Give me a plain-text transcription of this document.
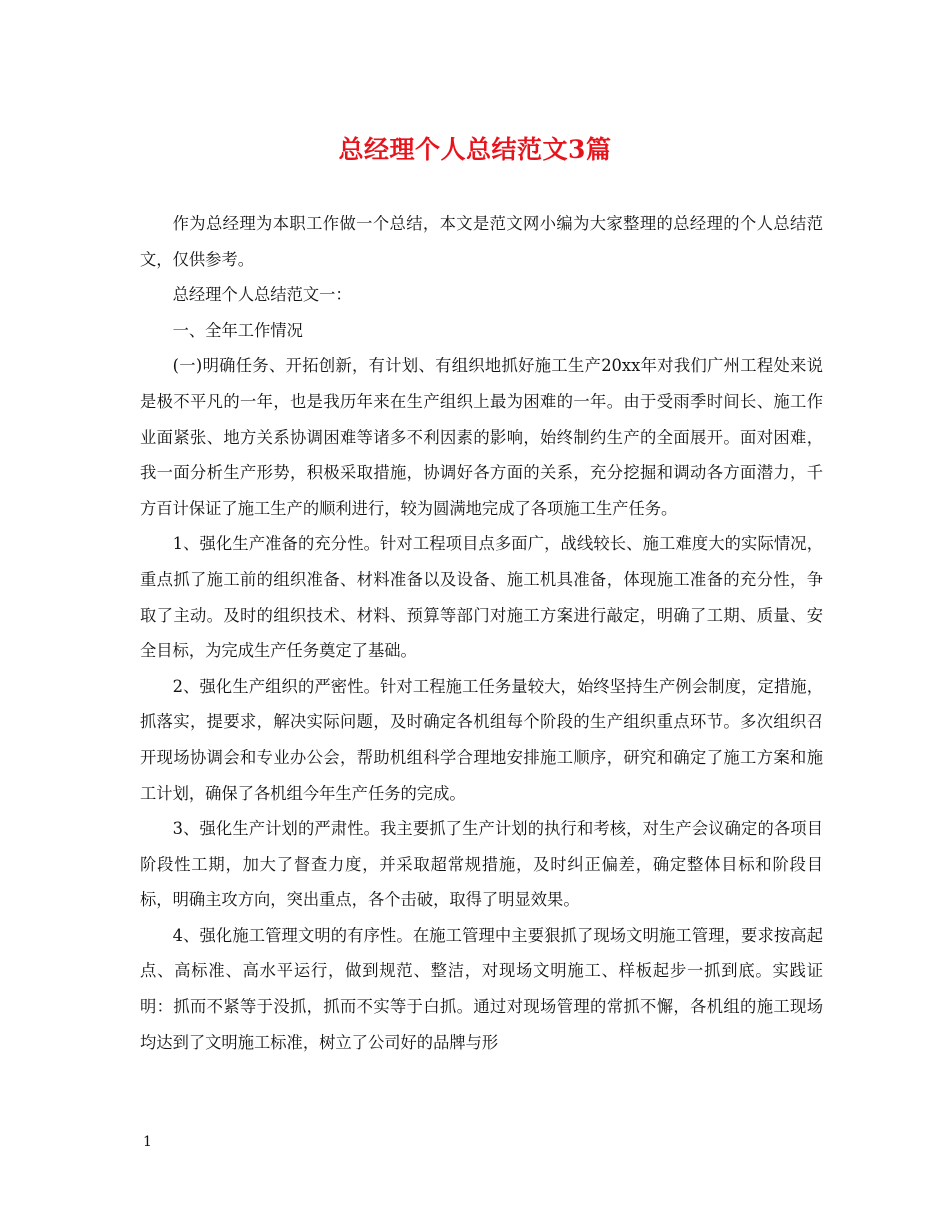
总经理个人总结范文3篇

作为总经理为本职工作做一个总结，本文是范文网小编为大家整理的总经理的个人总结范文，仅供参考。

总经理个人总结范文一：

一、全年工作情况

(一)明确任务、开拓创新，有计划、有组织地抓好施工生产20xx年对我们广州工程处来说是极不平凡的一年，也是我历年来在生产组织上最为困难的一年。由于受雨季时间长、施工作业面紧张、地方关系协调困难等诸多不利因素的影响，始终制约生产的全面展开。面对困难，我一面分析生产形势，积极采取措施，协调好各方面的关系，充分挖掘和调动各方面潜力，千方百计保证了施工生产的顺利进行，较为圆满地完成了各项施工生产任务。

1、强化生产准备的充分性。针对工程项目点多面广，战线较长、施工难度大的实际情况，重点抓了施工前的组织准备、材料准备以及设备、施工机具准备，体现施工准备的充分性，争取了主动。及时的组织技术、材料、预算等部门对施工方案进行敲定，明确了工期、质量、安全目标，为完成生产任务奠定了基础。

2、强化生产组织的严密性。针对工程施工任务量较大，始终坚持生产例会制度，定措施，抓落实，提要求，解决实际问题，及时确定各机组每个阶段的生产组织重点环节。多次组织召开现场协调会和专业办公会，帮助机组科学合理地安排施工顺序，研究和确定了施工方案和施工计划，确保了各机组今年生产任务的完成。

3、强化生产计划的严肃性。我主要抓了生产计划的执行和考核，对生产会议确定的各项目阶段性工期，加大了督查力度，并采取超常规措施，及时纠正偏差，确定整体目标和阶段目标，明确主攻方向，突出重点，各个击破，取得了明显效果。

4、强化施工管理文明的有序性。在施工管理中主要狠抓了现场文明施工管理，要求按高起点、高标准、高水平运行，做到规范、整洁，对现场文明施工、样板起步一抓到底。实践证明：抓而不紧等于没抓，抓而不实等于白抓。通过对现场管理的常抓不懈，各机组的施工现场均达到了文明施工标准，树立了公司好的品牌与形

1
